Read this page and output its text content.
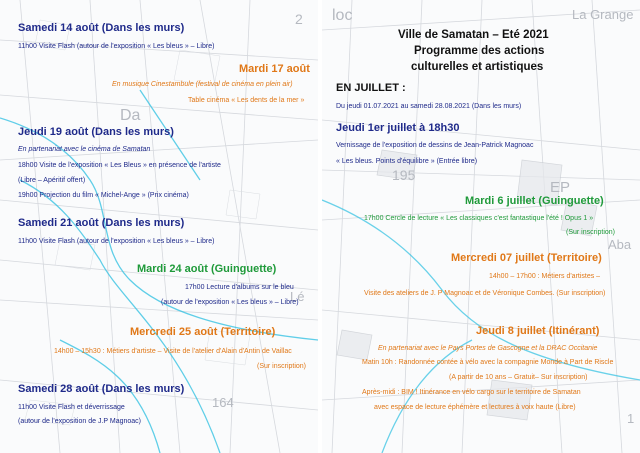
Da
2
Lé
164
Samedi 14 août (Dans les murs)
11h00 Visite Flash (autour de l'exposition « Les bleus » – Libre)
Mardi 17 août
En musique Cinestambule (festival de cinéma en plein air)
Table cinéma « Les dents de la mer »
Jeudi 19 août (Dans les murs)
En partenariat avec le cinéma de Samatan
18h00 Visite de l'exposition « Les Bleus » en présence de l'artiste
(Libre – Apéritif offert)
19h00 Projection du film « Michel-Ange » (Prix cinéma)
Samedi 21 août (Dans les murs)
11h00 Visite Flash (autour de l'exposition « Les bleus » – Libre)
Mardi 24 août (Guinguette)
17h00 Lecture d'albums sur le bleu
(autour de l'exposition « Les bleus » – Libre)
Mercredi 25 août (Territoire)
14h00 – 15h30 : Métiers d'artiste – Visite de l'atelier d'Alain d'Antin de Vaillac
(Sur inscription)
Samedi 28 août (Dans les murs)
11h00 Visite Flash et déverrissage
(autour de l'exposition de J.P Magnoac)
loc	La Grange
195
EP
Aba
1
Ville de Samatan – Eté 2021
Programme des actions
culturelles et artistiques
EN JUILLET :
Du jeudi 01.07.2021 au samedi 28.08.2021 (Dans les murs)
Jeudi 1er juillet à 18h30
Vernissage de l'exposition de dessins de Jean-Patrick Magnoac
« Les bleus. Points d'équilibre » (Entrée libre)
Mardi 6 juillet (Guinguette)
17h00 Cercle de lecture « Les classiques c'est fantastique l'été ! Opus 1 »
(Sur inscription)
Mercredi 07 juillet (Territoire)
14h00 – 17h00 : Métiers d'artistes –
Visite des ateliers de J. P Magnoac et de Véronique Combes. (Sur inscription)
Jeudi 8 juillet (Itinérant)
En partenariat avec le Pays Portes de Gascogne et la DRAC Occitanie
Matin 10h : Randonnée contée à vélo avec la compagnie Monde à Part de Riscle
(A partir de 10 ans – Gratuit– Sur inscription)
Après-midi : BIM ! Itinérance en vélo cargo sur le territoire de Samatan
avec espace de lecture éphémère et lectures à voix haute (Libre)
